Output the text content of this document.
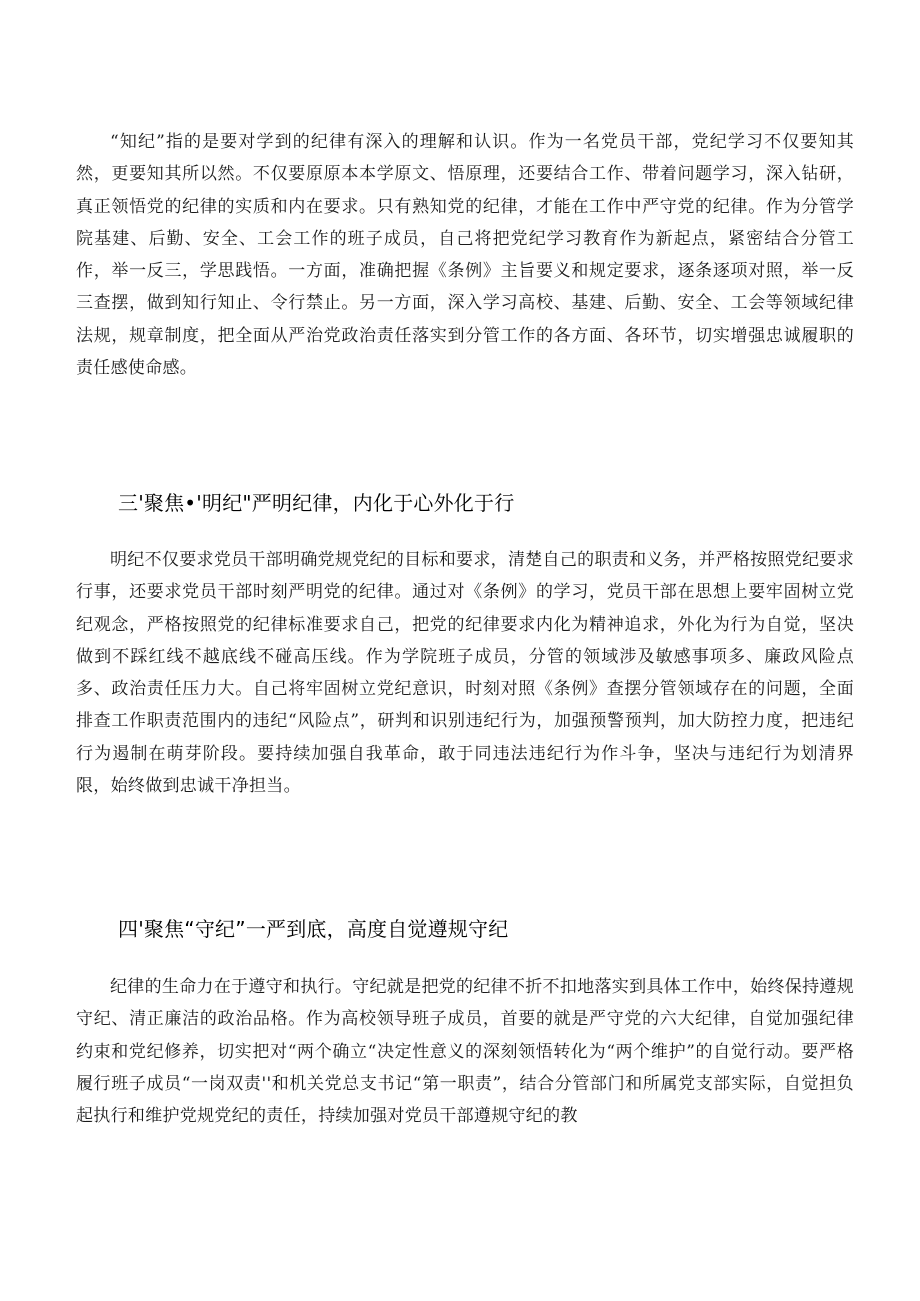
“知纪”指的是要对学到的纪律有深入的理解和认识。作为一名党员干部，党纪学习不仅要知其然，更要知其所以然。不仅要原原本本学原文、悟原理，还要结合工作、带着问题学习，深入钻研，真正领悟党的纪律的实质和内在要求。只有熟知党的纪律，才能在工作中严守党的纪律。作为分管学院基建、后勤、安全、工会工作的班子成员，自己将把党纪学习教育作为新起点，紧密结合分管工作，举一反三，学思践悟。一方面，准确把握《条例》主旨要义和规定要求，逐条逐项对照，举一反三查摆，做到知行知止、令行禁止。另一方面，深入学习高校、基建、后勤、安全、工会等领域纪律法规，规章制度，把全面从严治党政治责任落实到分管工作的各方面、各环节，切实增强忠诚履职的责任感使命感。

三'聚焦•'明纪"严明纪律，内化于心外化于行

明纪不仅要求党员干部明确党规党纪的目标和要求，清楚自己的职责和义务，并严格按照党纪要求行事，还要求党员干部时刻严明党的纪律。通过对《条例》的学习，党员干部在思想上要牢固树立党纪观念，严格按照党的纪律标准要求自己，把党的纪律要求内化为精神追求，外化为行为自觉，坚决做到不踩红线不越底线不碰高压线。作为学院班子成员，分管的领域涉及敏感事项多、廉政风险点多、政治责任压力大。自己将牢固树立党纪意识，时刻对照《条例》查摆分管领域存在的问题，全面排查工作职责范围内的违纪“风险点”，研判和识别违纪行为，加强预警预判，加大防控力度，把违纪行为遏制在萌芽阶段。要持续加强自我革命，敢于同违法违纪行为作斗争，坚决与违纪行为划清界限，始终做到忠诚干净担当。

四'聚焦“守纪”一严到底，高度自觉遵规守纪

纪律的生命力在于遵守和执行。守纪就是把党的纪律不折不扣地落实到具体工作中，始终保持遵规守纪、清正廉洁的政治品格。作为高校领导班子成员，首要的就是严守党的六大纪律，自觉加强纪律约束和党纪修养，切实把对“两个确立“决定性意义的深刻领悟转化为“两个维护”的自觉行动。要严格履行班子成员“一岗双责''和机关党总支书记“第一职责”，结合分管部门和所属党支部实际，自觉担负起执行和维护党规党纪的责任，持续加强对党员干部遵规守纪的教
